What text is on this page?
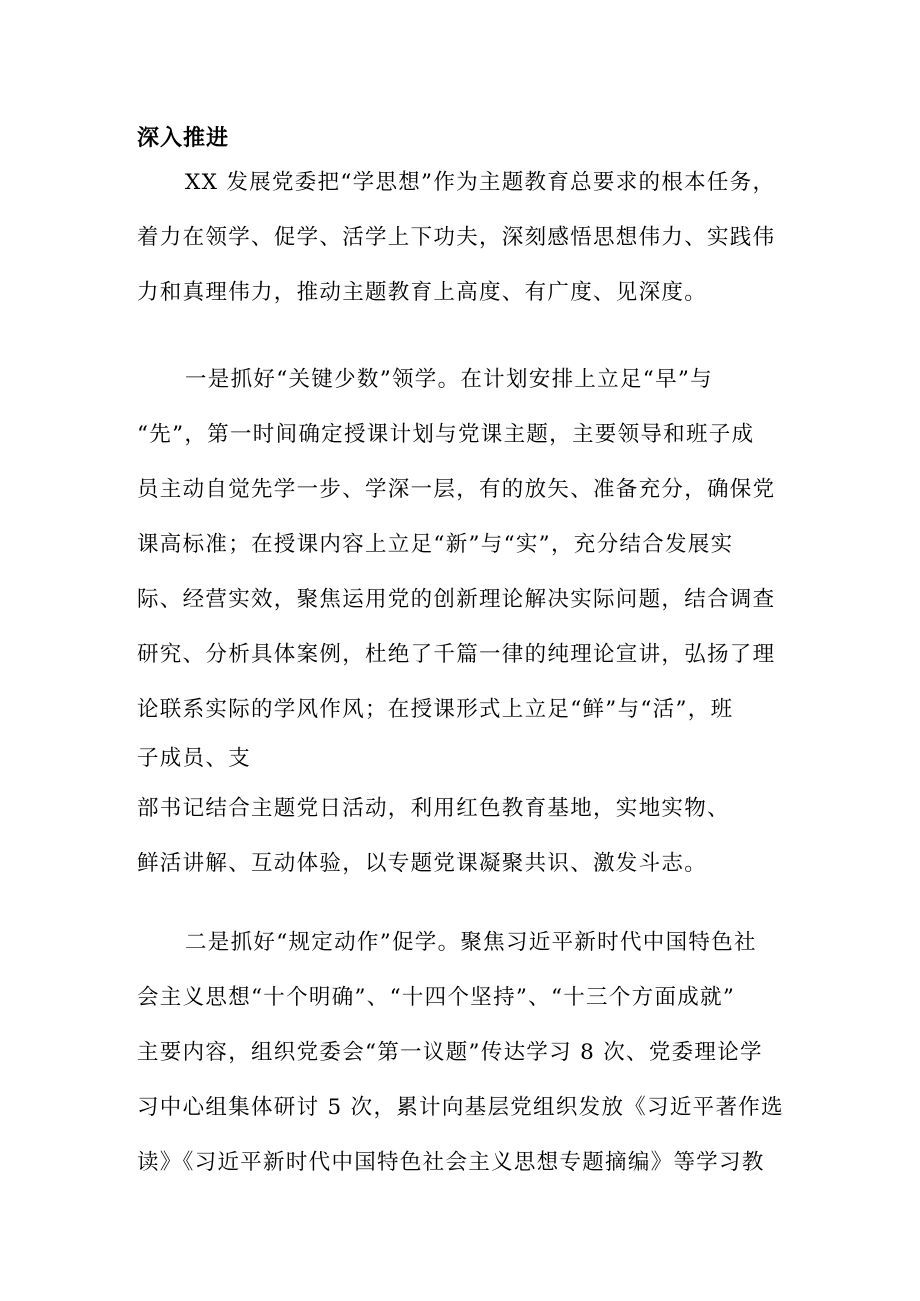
深入推进
XX 发展党委把“学思想”作为主题教育总要求的根本任务，
着力在领学、促学、活学上下功夫，深刻感悟思想伟力、实践伟
力和真理伟力，推动主题教育上高度、有广度、见深度。
一是抓好“关键少数”领学。在计划安排上立足“早”与
“先”，第一时间确定授课计划与党课主题，主要领导和班子成
员主动自觉先学一步、学深一层，有的放矢、准备充分，确保党
课高标准；在授课内容上立足“新”与“实”，充分结合发展实
际、经营实效，聚焦运用党的创新理论解决实际问题，结合调查
研究、分析具体案例，杜绝了千篇一律的纯理论宣讲，弘扬了理
论联系实际的学风作风；在授课形式上立足“鲜”与“活”，班
子成员、支
部书记结合主题党日活动，利用红色教育基地，实地实物、
鲜活讲解、互动体验，以专题党课凝聚共识、激发斗志。
二是抓好“规定动作”促学。聚焦习近平新时代中国特色社
会主义思想“十个明确”、“十四个坚持”、“十三个方面成就”
主要内容，组织党委会“第一议题”传达学习 8 次、党委理论学
习中心组集体研讨 5 次，累计向基层党组织发放《习近平著作选
读》《习近平新时代中国特色社会主义思想专题摘编》等学习教
